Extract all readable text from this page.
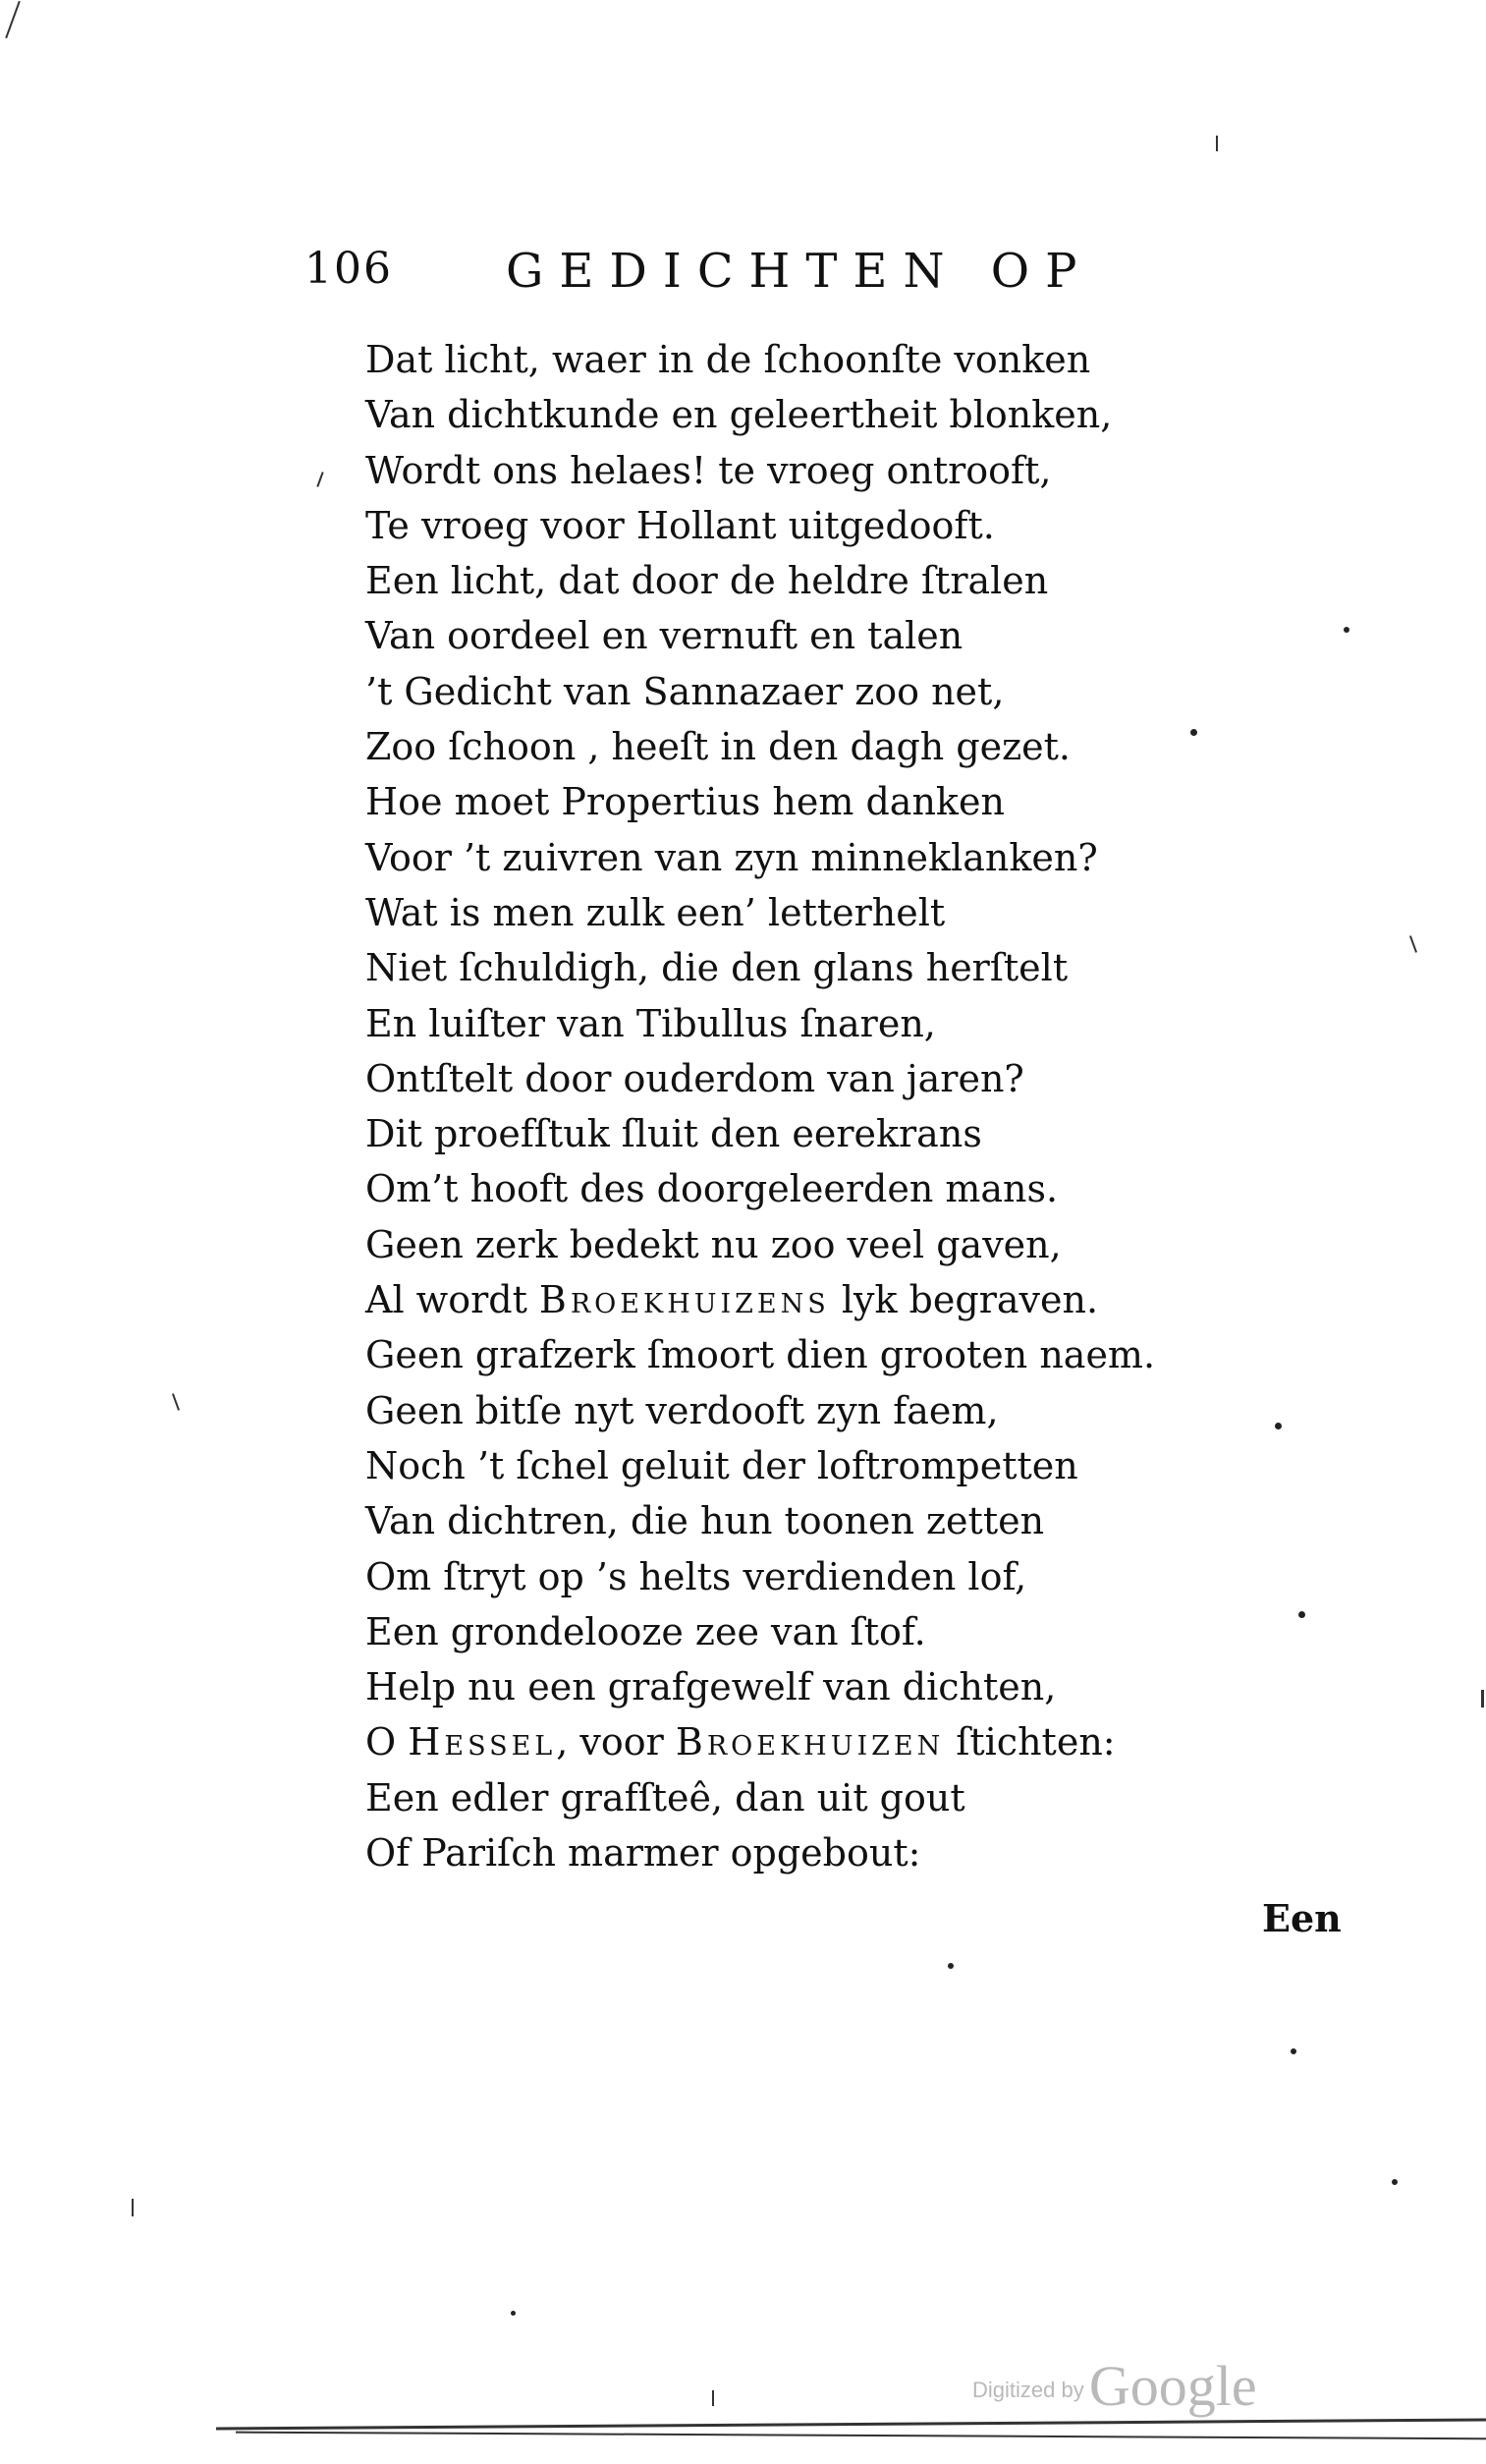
106 GEDICHTEN OP
Dat licht, waer in de ſchoonſte vonken
Van dichtkunde en geleertheit blonken,
Wordt ons helaes! te vroeg ontrooft,
Te vroeg voor Hollant uitgedooft.
Een licht, dat door de heldre ſtralen
Van oordeel en vernuft en talen
’t Gedicht van Sannazaer zoo net,
Zoo ſchoon , heeſt in den dagh gezet.
Hoe moet Propertius hem danken
Voor ’t zuivren van zyn minneklanken?
Wat is men zulk een’ letterhelt
Niet ſchuldigh, die den glans herſtelt
En luiſter van Tibullus ſnaren,
Ontſtelt door ouderdom van jaren?
Dit proefſtuk ſluit den eerekrans
Om’t hooft des doorgeleerden mans.
Geen zerk bedekt nu zoo veel gaven,
Al wordt Broekhuizens lyk begraven.
Geen grafzerk ſmoort dien grooten naem.
Geen bitſe nyt verdooft zyn faem,
Noch ’t ſchel geluit der loftrompetten
Van dichtren, die hun toonen zetten
Om ſtryt op ’s helts verdienden lof,
Een grondelooze zee van ſtof.
Help nu een grafgewelf van dichten,
O Hessel, voor Broekhuizen ſtichten:
Een edler grafſteê, dan uit gout
Of Pariſch marmer opgebout:
Een
Digitized by Google
